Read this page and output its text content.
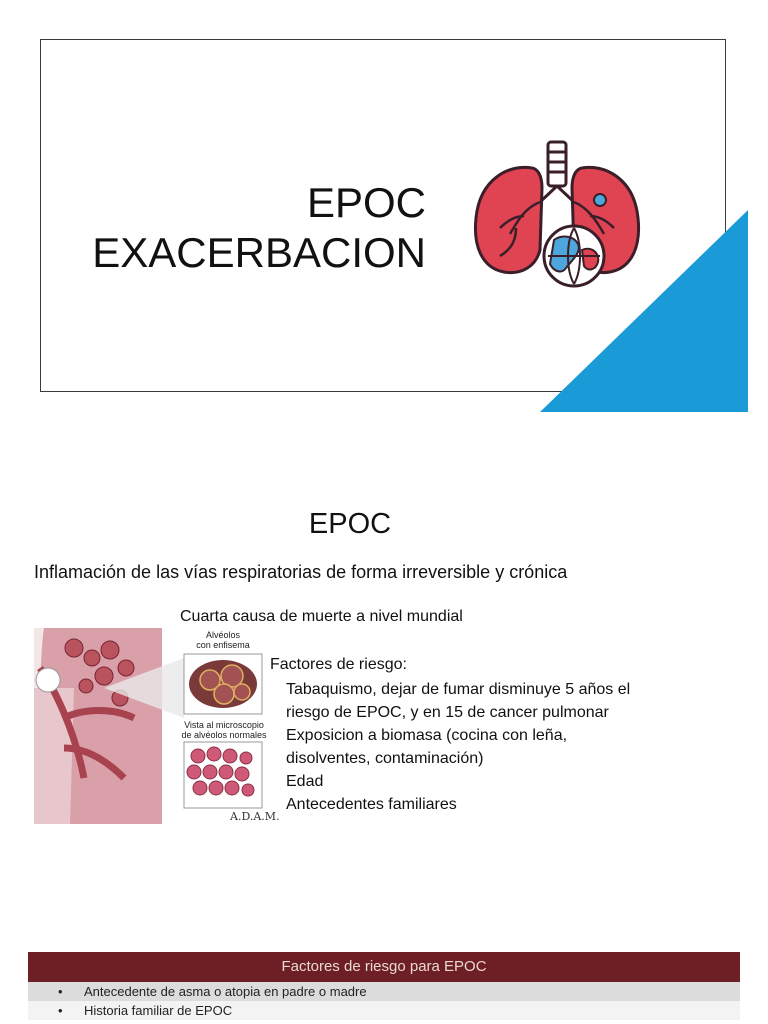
EPOC
EXACERBACION
EPOC
Inflamación de las vías respiratorias de forma irreversible y crónica
Cuarta causa de muerte a nivel mundial
Alvéolos
con enfisema
Vista al microscopio
de alvéolos normales
A.D.A.M.
Factores de riesgo:
Tabaquismo, dejar de fumar disminuye 5 años el
riesgo de EPOC, y en 15 de cancer pulmonar
Exposicion a biomasa (cocina con leña,
disolventes, contaminación)
Edad
Antecedentes familiares
Factores de riesgo para EPOC
• Antecedente de asma o atopia en padre o madre
• Historia familiar de EPOC
